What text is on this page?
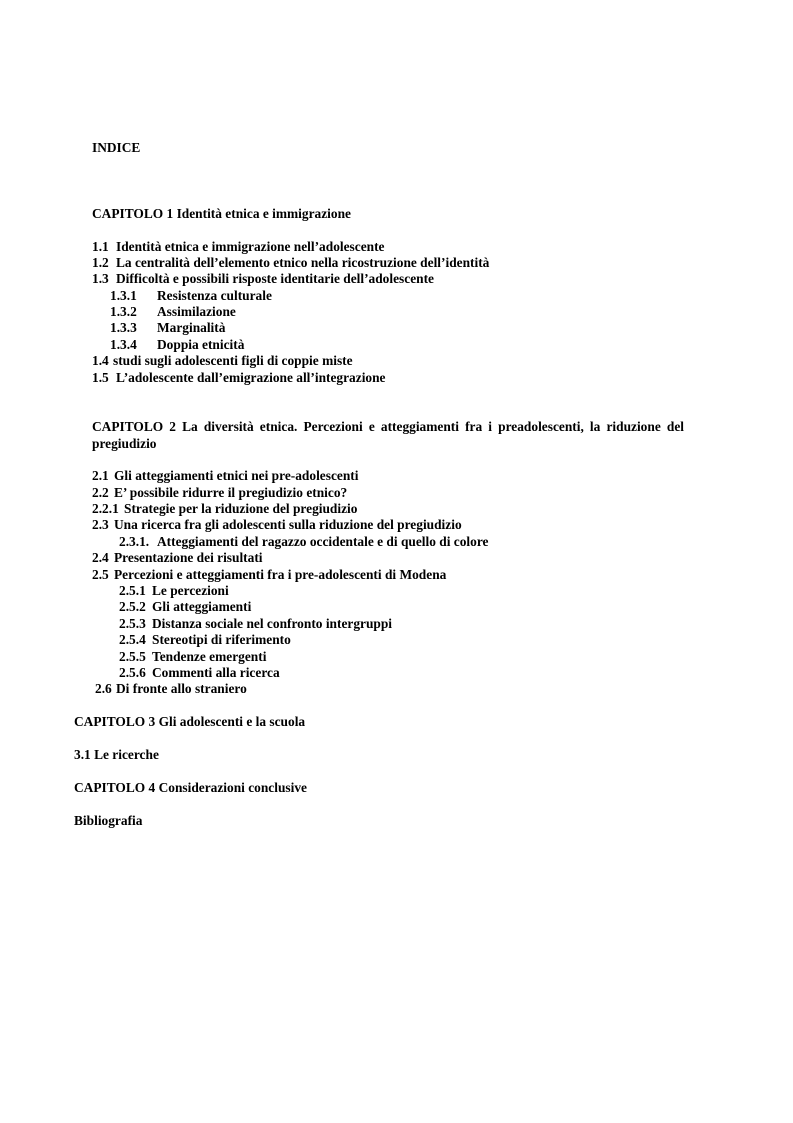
INDICE
CAPITOLO 1 Identità etnica e immigrazione
1.1 Identità etnica e immigrazione nell’adolescente
1.2 La centralità dell’elemento etnico nella ricostruzione dell’identità
1.3 Difficoltà e possibili risposte identitarie dell’adolescente
1.3.1 Resistenza culturale
1.3.2 Assimilazione
1.3.3 Marginalità
1.3.4 Doppia etnicità
1.4 studi sugli adolescenti figli di coppie miste
1.5 L’adolescente dall’emigrazione all’integrazione
CAPITOLO 2 La diversità etnica. Percezioni e atteggiamenti fra i preadolescenti, la riduzione del pregiudizio
2.1 Gli atteggiamenti etnici nei pre-adolescenti
2.2 E’ possibile ridurre il pregiudizio etnico?
2.2.1 Strategie per la riduzione del pregiudizio
2.3 Una ricerca fra gli adolescenti sulla riduzione del pregiudizio
2.3.1. Atteggiamenti del ragazzo occidentale e di quello di colore
2.4 Presentazione dei risultati
2.5 Percezioni e atteggiamenti fra i pre-adolescenti di Modena
2.5.1 Le percezioni
2.5.2 Gli atteggiamenti
2.5.3 Distanza sociale nel confronto intergruppi
2.5.4 Stereotipi di riferimento
2.5.5 Tendenze emergenti
2.5.6 Commenti alla ricerca
2.6 Di fronte allo straniero
CAPITOLO 3 Gli adolescenti e la scuola
3.1 Le ricerche
CAPITOLO 4 Considerazioni conclusive
Bibliografia
